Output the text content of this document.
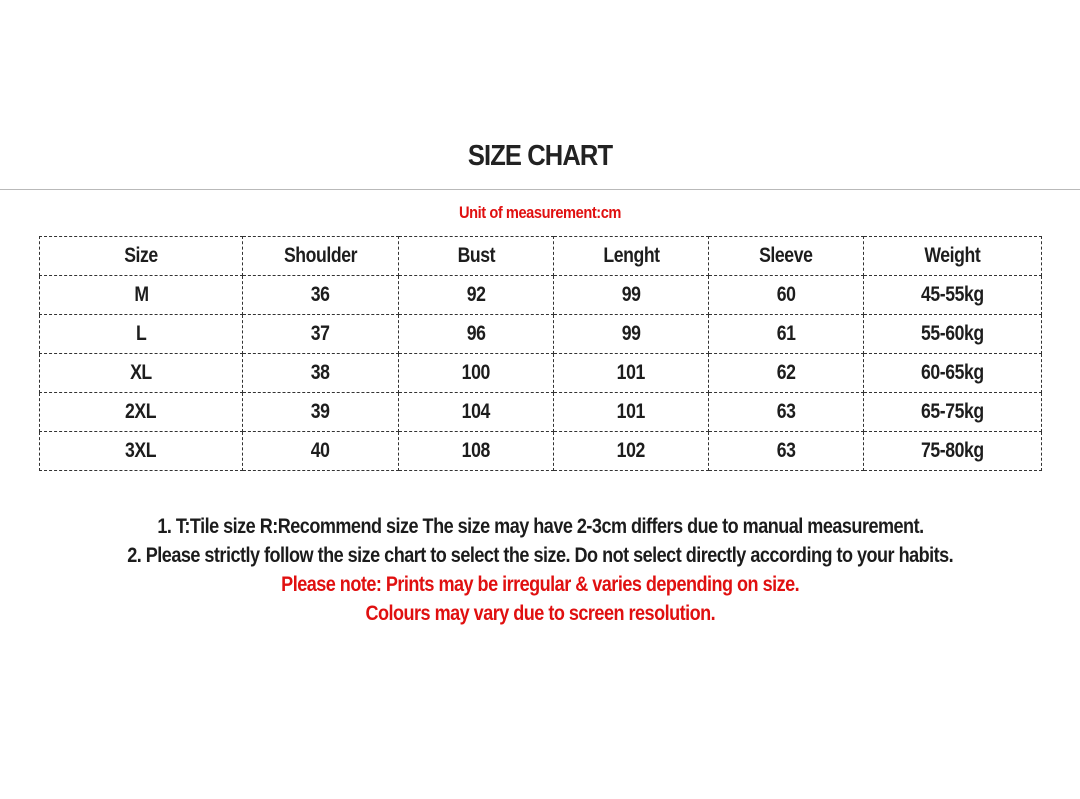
SIZE CHART
Unit of measurement:cm
Size	Shoulder	Bust	Lenght	Sleeve	Weight
M	36	92	99	60	45-55kg
L	37	96	99	61	55-60kg
XL	38	100	101	62	60-65kg
2XL	39	104	101	63	65-75kg
3XL	40	108	102	63	75-80kg
1. T:Tile size R:Recommend size The size may have 2-3cm differs due to manual measurement.
2. Please strictly follow the size chart to select the size. Do not select directly according to your habits.
Please note: Prints may be irregular & varies depending on size.
Colours may vary due to screen resolution.
